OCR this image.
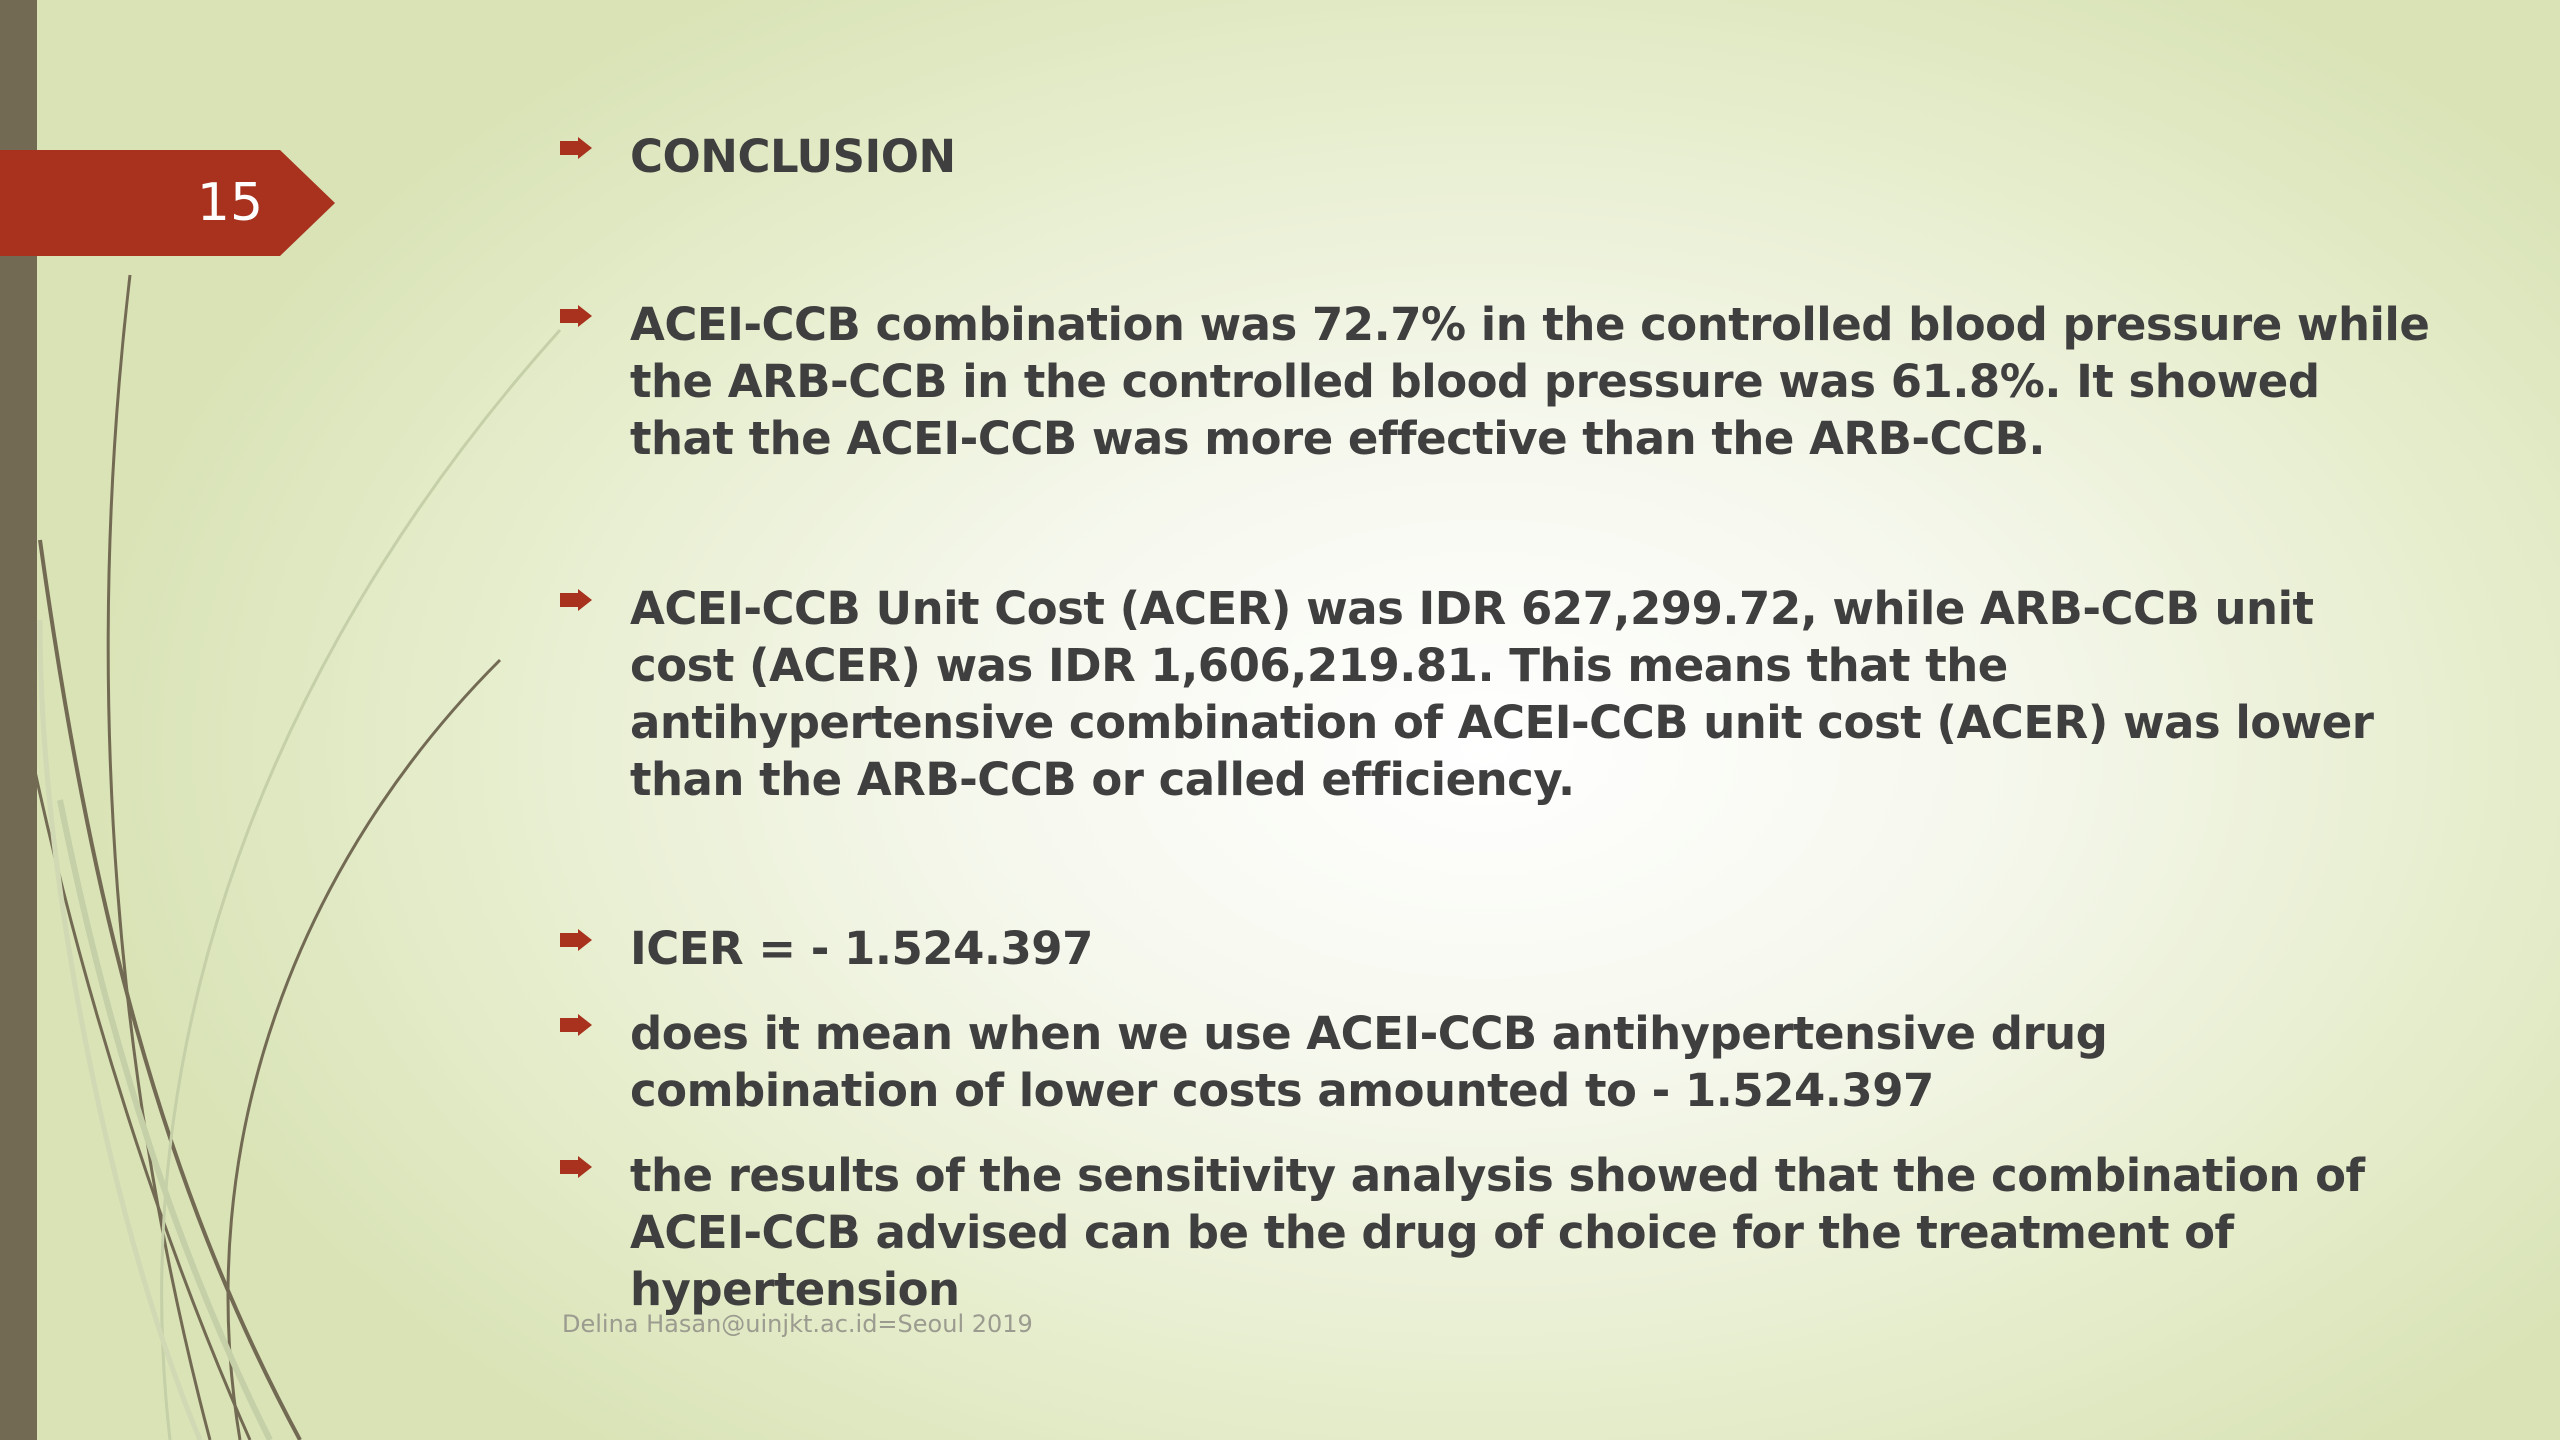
15
CONCLUSION
ACEI-CCB combination was 72.7% in the controlled blood pressure while the ARB-CCB in the controlled blood pressure was 61.8%. It showed that the ACEI-CCB was more effective than the ARB-CCB.
ACEI-CCB Unit Cost (ACER) was IDR 627,299.72, while ARB-CCB unit cost (ACER) was IDR 1,606,219.81. This means that the antihypertensive combination of ACEI-CCB unit cost (ACER) was lower than the ARB-CCB or called efficiency.
ICER = - 1.524.397
does it mean when we use ACEI-CCB antihypertensive drug combination of lower costs amounted to - 1.524.397
the results of the sensitivity analysis showed that the combination of ACEI-CCB advised can be the drug of choice for the treatment of hypertension
Delina Hasan@uinjkt.ac.id=Seoul 2019
